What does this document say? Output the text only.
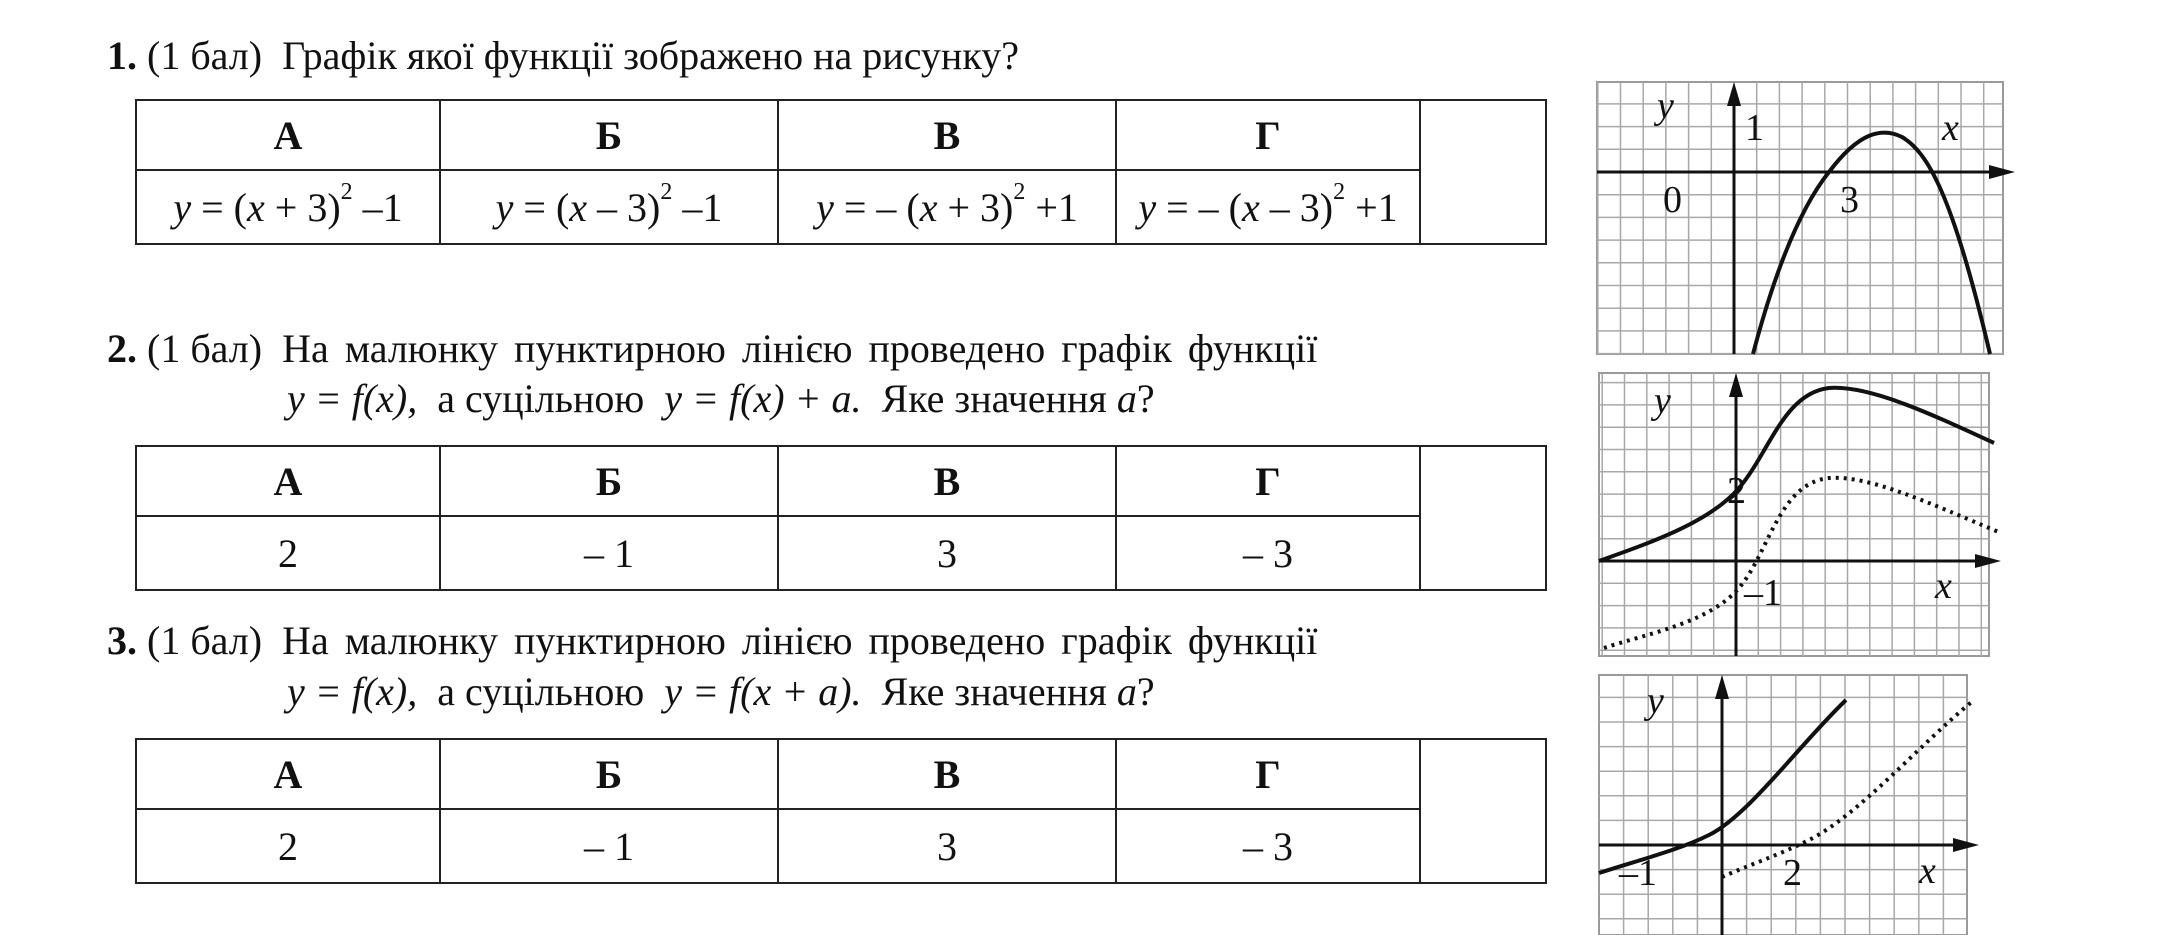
1. (1 бал) Графік якої функції зображено на рисунку?
А	Б	В	Г	
$y = (x + 3)^2$ –1	y = (x – 3)$^2$ –1	y = – $(x + 3)^2 +1$	y = – (x – 3)$^2$ +1	
2. (1 бал) На малюнку пунктирною лінією проведено графік функції
y = f(x), а суцільною y = f(x) + a. Яке значення a?
А	Б	В	Г	
2	– 1	3	– 3	
3. (1 бал) На малюнку пунктирною лінією проведено графік функції
y = f(x), а суцільною y = f(x + a). Яке значення a?
А	Б	В	Г	
2	– 1	3	– 3	
y
1	x
0	3
y
2
x
–1
y
–1	2	x
